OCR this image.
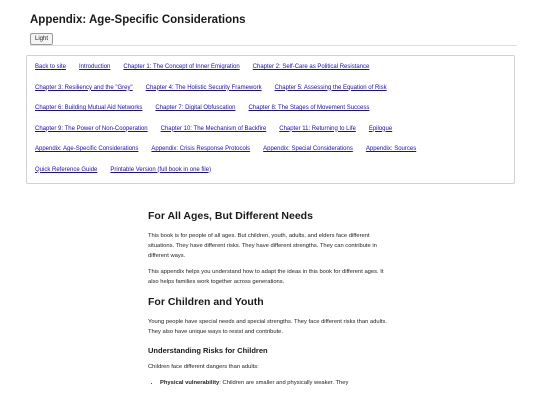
Appendix: Age-Specific Considerations
Light
Back to site Introduction Chapter 1: The Concept of Inner Emigration Chapter 2: Self-Care as Political Resistance
Chapter 3: Resiliency and the "Grey" Chapter 4: The Holistic Security Framework Chapter 5: Assessing the Equation of Risk
Chapter 6: Building Mutual Aid Networks Chapter 7: Digital Obfuscation Chapter 8: The Stages of Movement Success
Chapter 9: The Power of Non-Cooperation Chapter 10: The Mechanism of Backfire Chapter 11: Returning to Life Epilogue
Appendix: Age-Specific Considerations Appendix: Crisis Response Protocols Appendix: Special Considerations Appendix: Sources
Quick Reference Guide Printable Version (full book in one file)
For All Ages, But Different Needs

This book is for people of all ages. But children, youth, adults, and elders face different situations. They have different risks. They have different strengths. They can contribute in different ways.

This appendix helps you understand how to adapt the ideas in this book for different ages. It also helps families work together across generations.

For Children and Youth

Young people have special needs and special strengths. They face different risks than adults. They also have unique ways to resist and contribute.

Understanding Risks for Children

Children face different dangers than adults:

• Physical vulnerability: Children are smaller and physically weaker. They
